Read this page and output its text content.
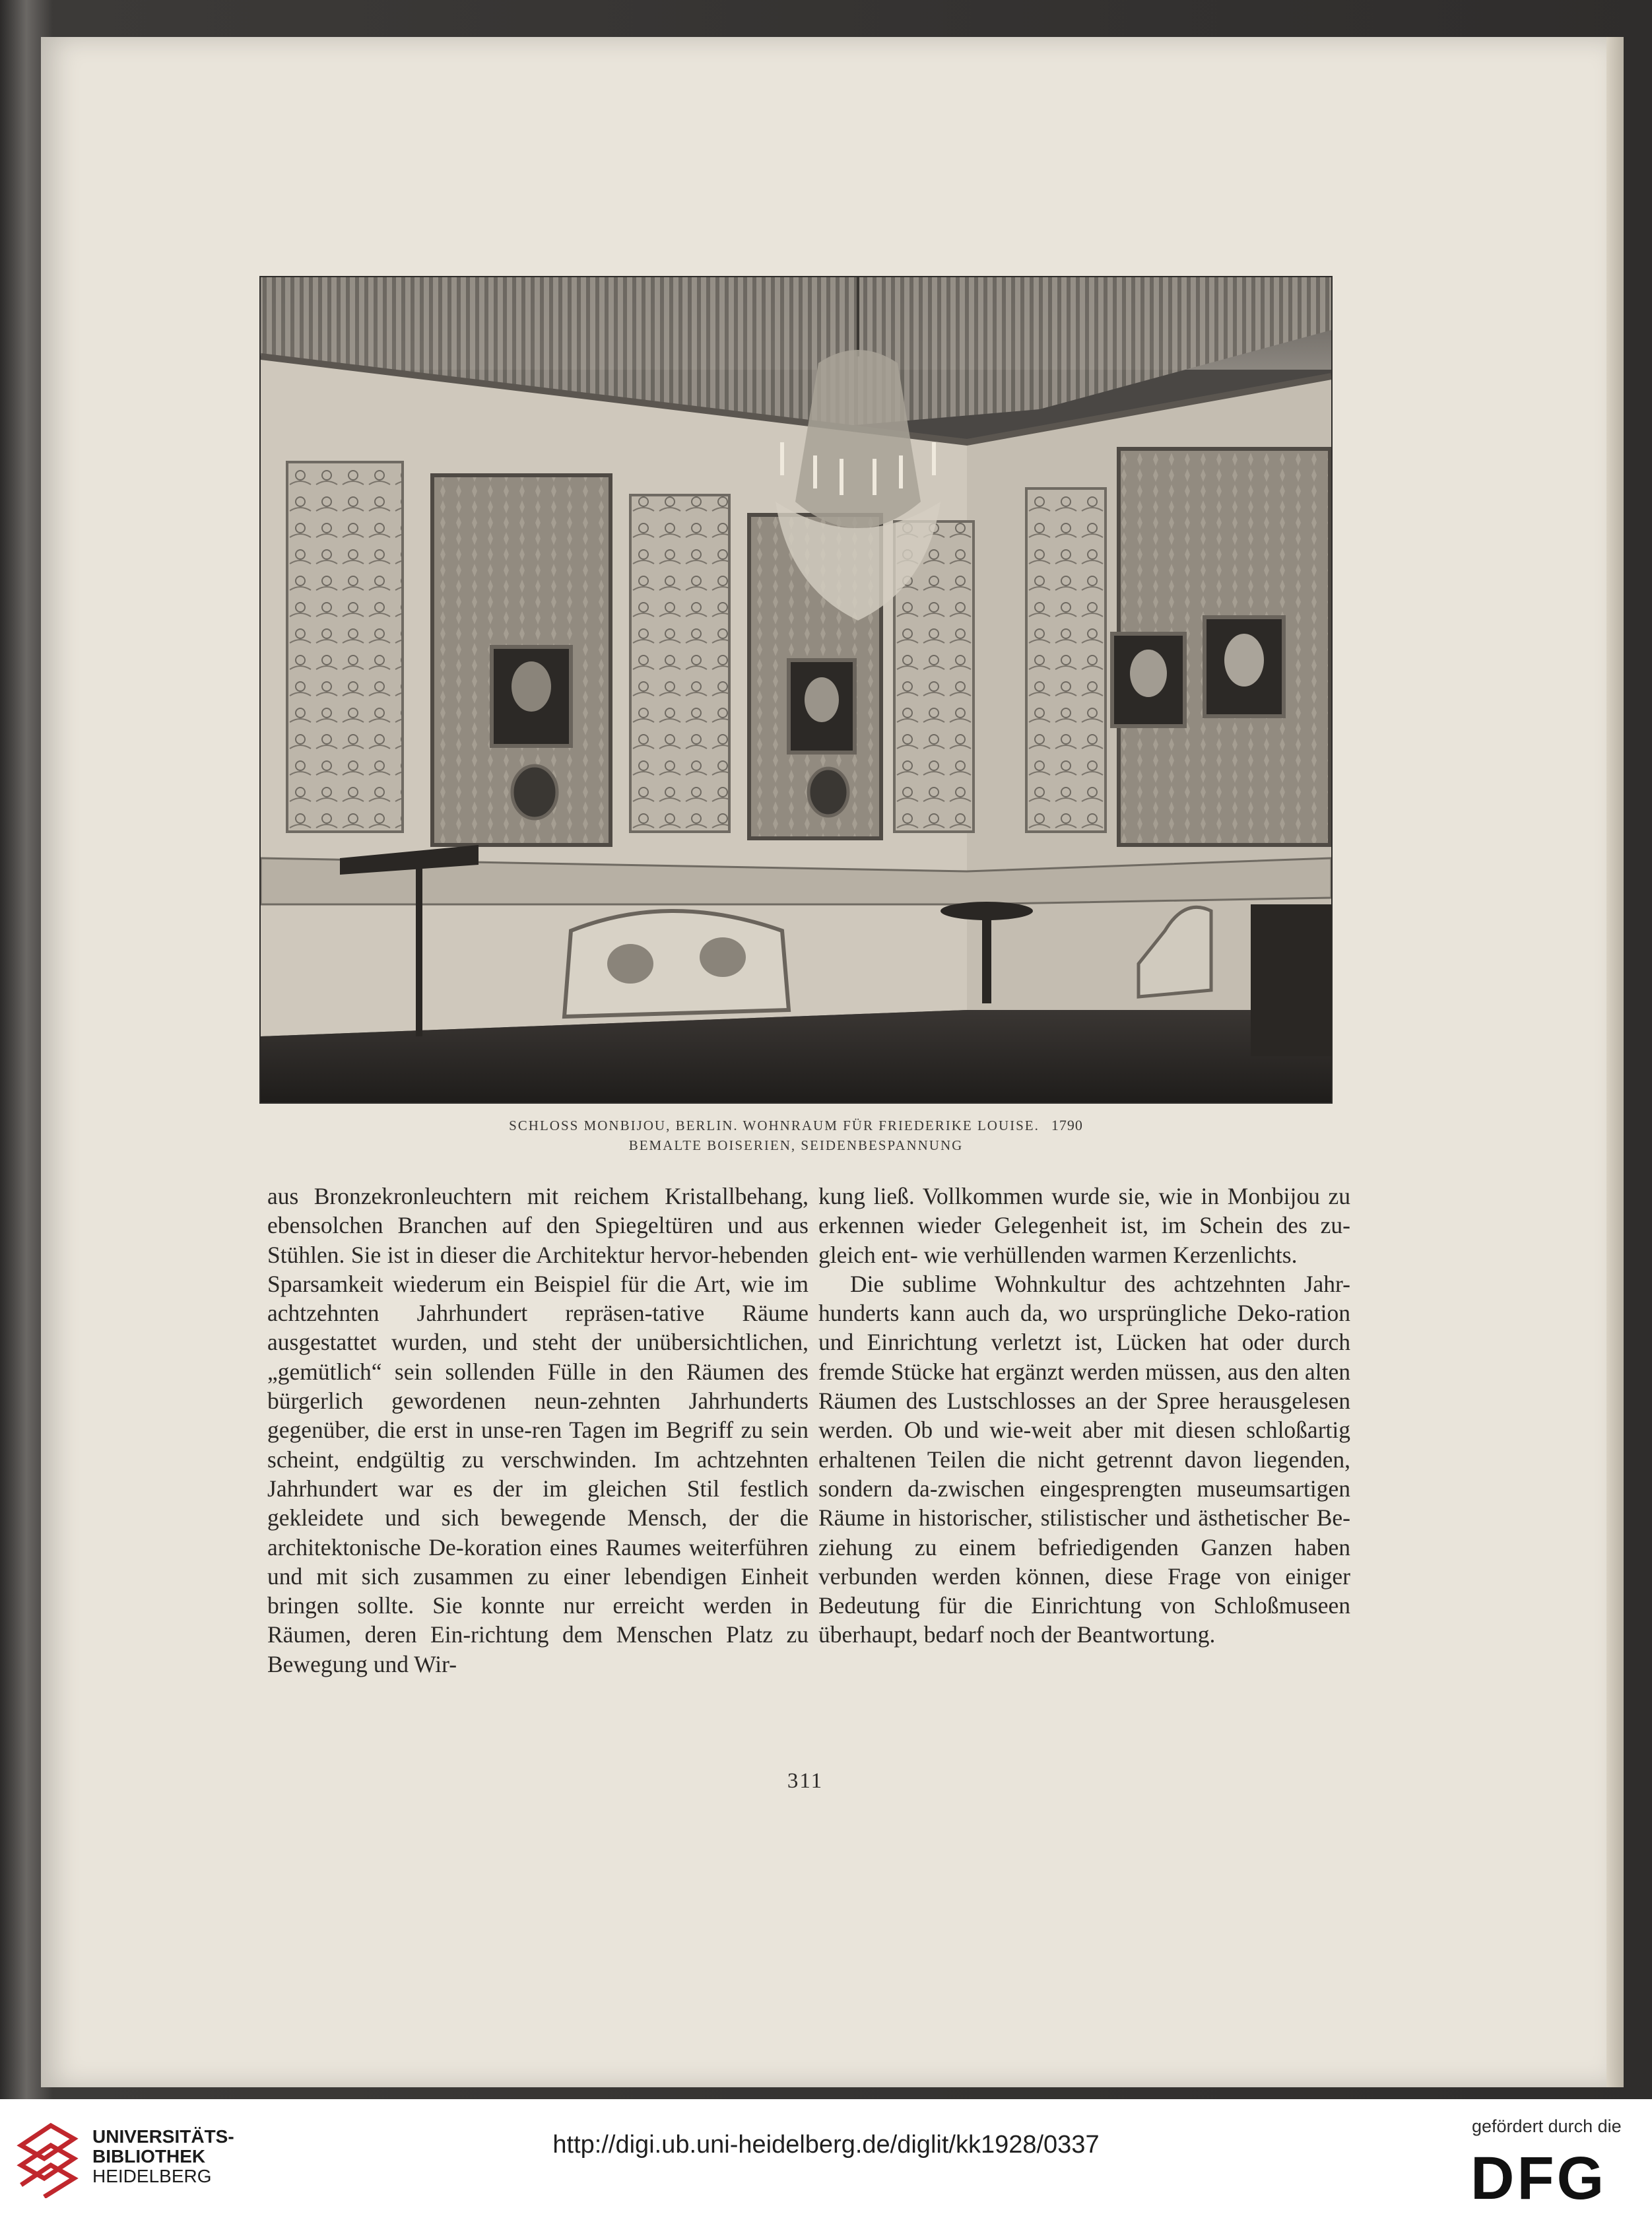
SCHLOSS MONBIJOU, BERLIN. WOHNRAUM FÜR FRIEDERIKE LOUISE. 1790
BEMALTE BOISERIEN, SEIDENBESPANNUNG

aus Bronzekronleuchtern mit reichem Kristallbehang, ebensolchen Branchen auf den Spiegeltüren und aus Stühlen. Sie ist in dieser die Architektur hervor-hebenden Sparsamkeit wiederum ein Beispiel für die Art, wie im achtzehnten Jahrhundert repräsen-tative Räume ausgestattet wurden, und steht der unübersichtlichen, „gemütlich“ sein sollenden Fülle in den Räumen des bürgerlich gewordenen neun-zehnten Jahrhunderts gegenüber, die erst in unse-ren Tagen im Begriff zu sein scheint, endgültig zu verschwinden. Im achtzehnten Jahrhundert war es der im gleichen Stil festlich gekleidete und sich bewegende Mensch, der die architektonische De-koration eines Raumes weiterführen und mit sich zusammen zu einer lebendigen Einheit bringen sollte. Sie konnte nur erreicht werden in Räumen, deren Ein-richtung dem Menschen Platz zu Bewegung und Wir-

kung ließ. Vollkommen wurde sie, wie in Monbijou zu erkennen wieder Gelegenheit ist, im Schein des zu-gleich ent- wie verhüllenden warmen Kerzenlichts.

Die sublime Wohnkultur des achtzehnten Jahr-hunderts kann auch da, wo ursprüngliche Deko-ration und Einrichtung verletzt ist, Lücken hat oder durch fremde Stücke hat ergänzt werden müssen, aus den alten Räumen des Lustschlosses an der Spree herausgelesen werden. Ob und wie-weit aber mit diesen schloßartig erhaltenen Teilen die nicht getrennt davon liegenden, sondern da-zwischen eingesprengten museumsartigen Räume in historischer, stilistischer und ästhetischer Be-ziehung zu einem befriedigenden Ganzen haben verbunden werden können, diese Frage von einiger Bedeutung für die Einrichtung von Schloßmuseen überhaupt, bedarf noch der Beantwortung.

311
UNIVERSITÄTS-
BIBLIOTHEK
HEIDELBERG
http://digi.ub.uni-heidelberg.de/diglit/kk1928/0337
gefördert durch die
DFG
